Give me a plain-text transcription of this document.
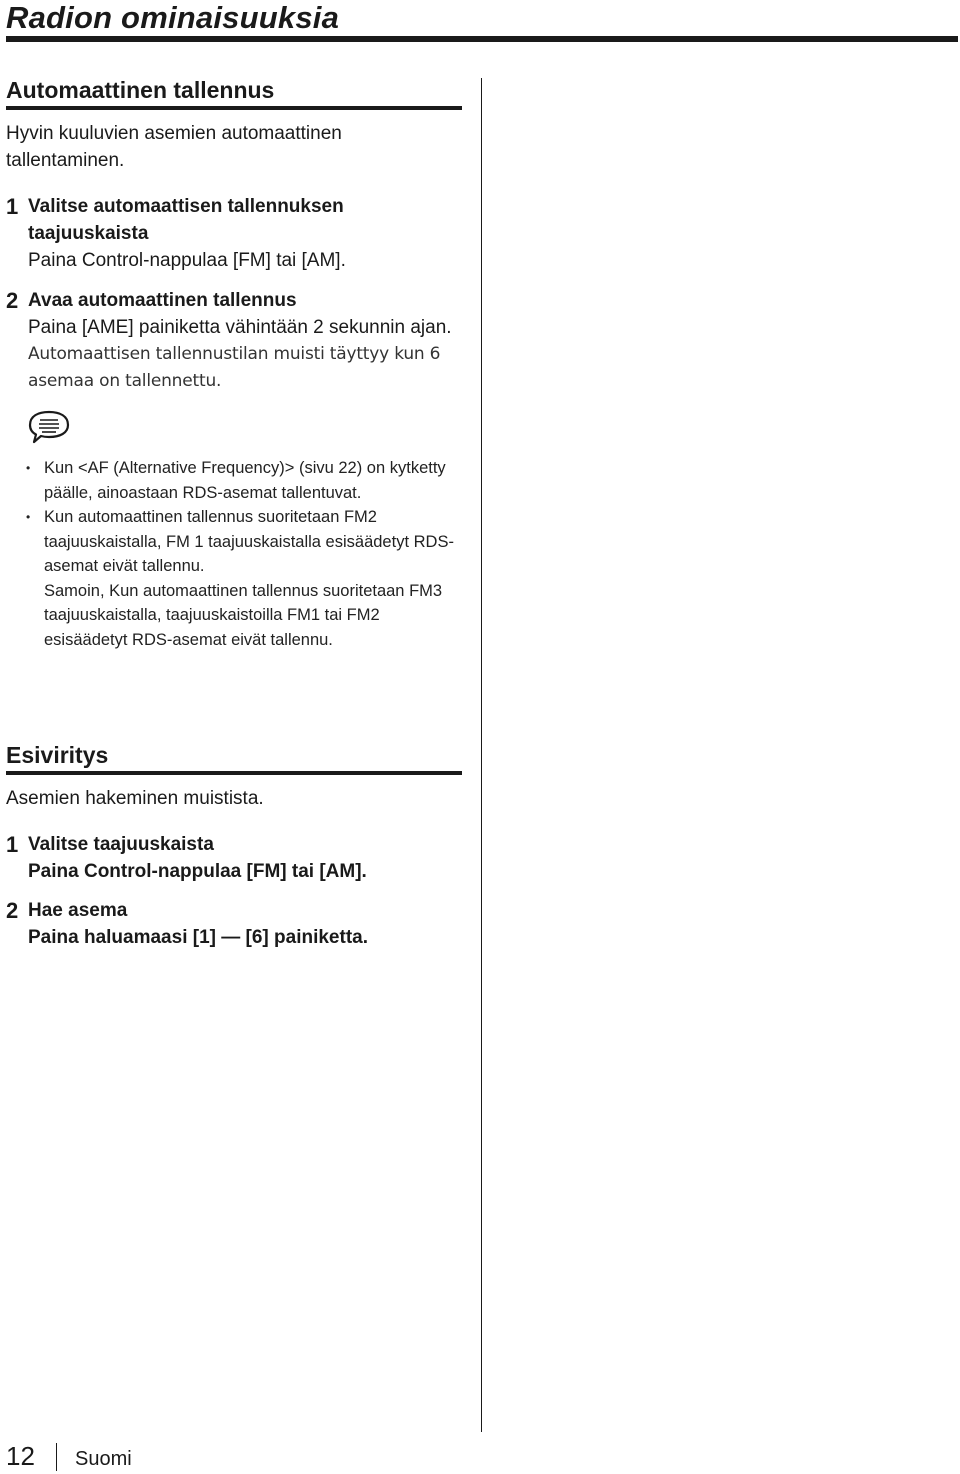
Radion ominaisuuksia
Automaattinen tallennus
Hyvin kuuluvien asemien automaattinen tallentaminen.
1 Valitse automaattisen tallennuksen taajuuskaista
Paina Control-nappulaa [FM] tai [AM].
2 Avaa automaattinen tallennus
Paina [AME] painiketta vähintään 2 sekunnin ajan.
Automaattisen tallennustilan muisti täyttyy kun 6 asemaa on tallennettu.
• Kun <AF (Alternative Frequency)> (sivu 22) on kytketty päälle, ainoastaan RDS-asemat tallentuvat.
• Kun automaattinen tallennus suoritetaan FM2 taajuuskaistalla, FM 1 taajuuskaistalla esisäädetyt RDS-asemat eivät tallennu.
Samoin, Kun automaattinen tallennus suoritetaan FM3 taajuuskaistalla, taajuuskaistoilla FM1 tai FM2 esisäädetyt RDS-asemat eivät tallennu.
Esiviritys
Asemien hakeminen muistista.
1 Valitse taajuuskaista
Paina Control-nappulaa [FM] tai [AM].
2 Hae asema
Paina haluamaasi [1] — [6] painiketta.
12 Suomi
